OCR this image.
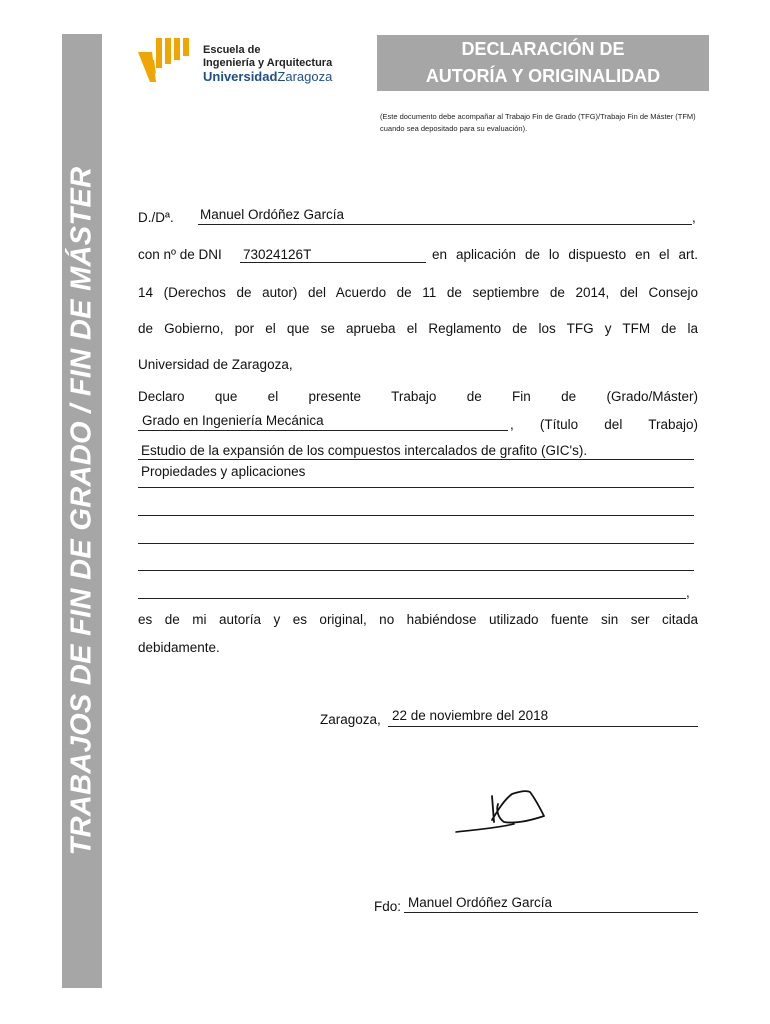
TRABAJOS DE FIN DE GRADO / FIN DE MÁSTER
Escuela de
Ingeniería y Arquitectura
UniversidadZaragoza
DECLARACIÓN DE
AUTORÍA Y ORIGINALIDAD
(Este documento debe acompañar al Trabajo Fin de Grado (TFG)/Trabajo Fin de Máster (TFM) cuando sea depositado para su evaluación).
D./Dª. Manuel Ordóñez García	,
con nº de DNI 73024126T	en aplicación de lo dispuesto en el art.
14 (Derechos de autor) del Acuerdo de 11 de septiembre de 2014, del Consejo
de Gobierno, por el que se aprueba el Reglamento de los TFG y TFM de la
Universidad de Zaragoza,
Declaro que el presente Trabajo de Fin de (Grado/Máster)
Grado en Ingeniería Mecánica	, (Título del Trabajo)
Estudio de la expansión de los compuestos intercalados de grafito (GIC's).
Propiedades y aplicaciones
,
es de mi autoría y es original, no habiéndose utilizado fuente sin ser citada
debidamente.
Zaragoza, 22 de noviembre del 2018
Fdo: Manuel Ordóñez García
